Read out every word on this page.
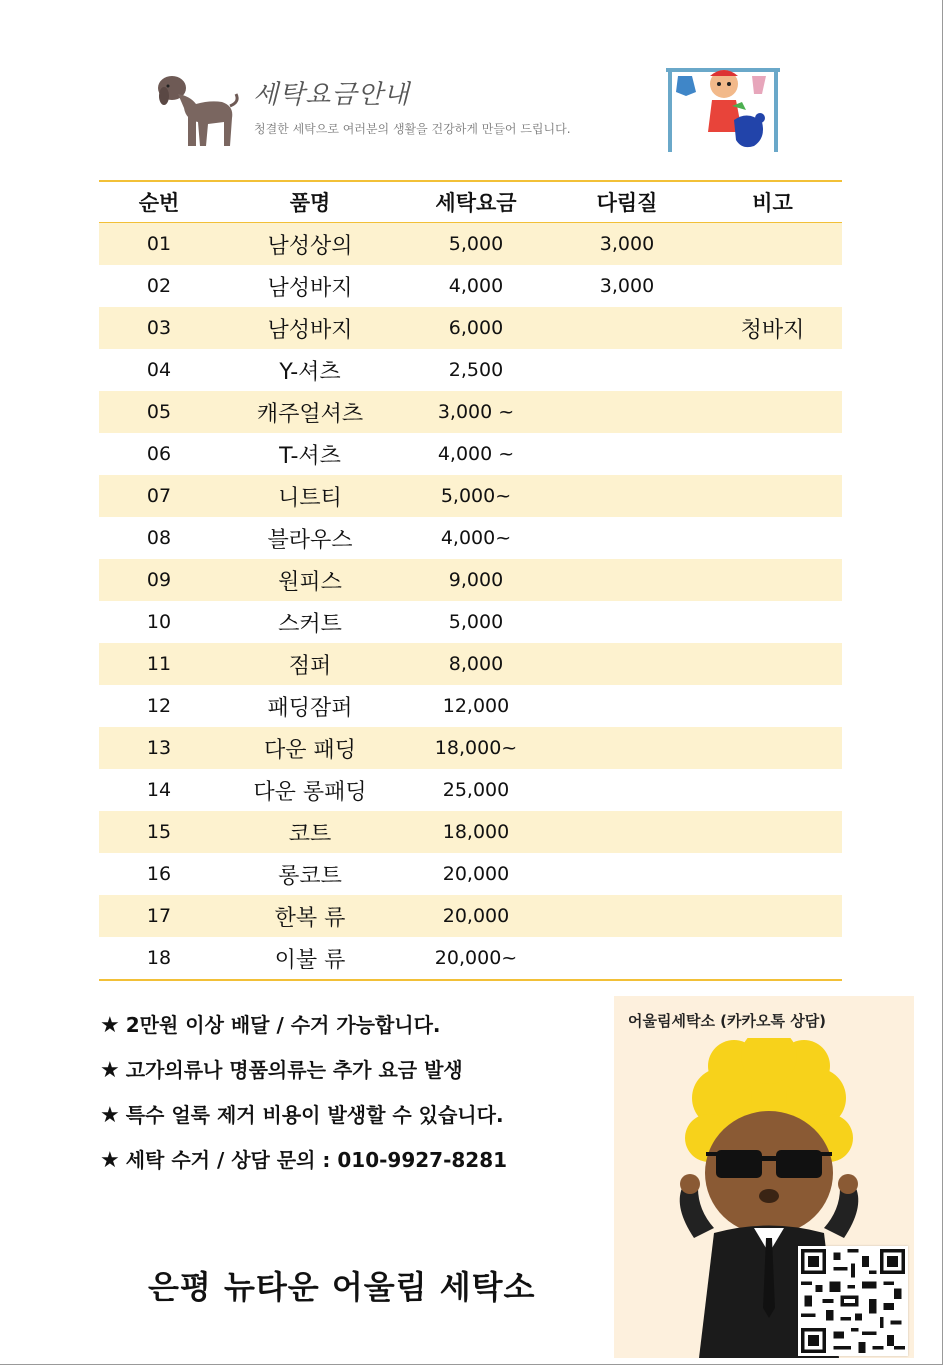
세탁요금안내
청결한 세탁으로 여러분의 생활을 건강하게 만들어 드립니다.
순번	품명	세탁요금	다림질	비고
01	남성상의	5,000	3,000	
02	남성바지	4,000	3,000	
03	남성바지	6,000		청바지
04	Y-셔츠	2,500		
05	캐주얼셔츠	3,000 ~		
06	T-셔츠	4,000 ~		
07	니트티	5,000~		
08	블라우스	4,000~		
09	원피스	9,000		
10	스커트	5,000		
11	점퍼	8,000		
12	패딩잠퍼	12,000		
13	다운 패딩	18,000~		
14	다운 롱패딩	25,000		
15	코트	18,000		
16	롱코트	20,000		
17	한복 류	20,000		
18	이불 류	20,000~		
★ 2만원 이상 배달 / 수거 가능합니다.
★ 고가의류나 명품의류는 추가 요금 발생
★ 특수 얼룩 제거 비용이 발생할 수 있습니다.
★ 세탁 수거 / 상담 문의 : 010-9927-8281
은평 뉴타운 어울림 세탁소
어울림세탁소 (카카오톡 상담)
